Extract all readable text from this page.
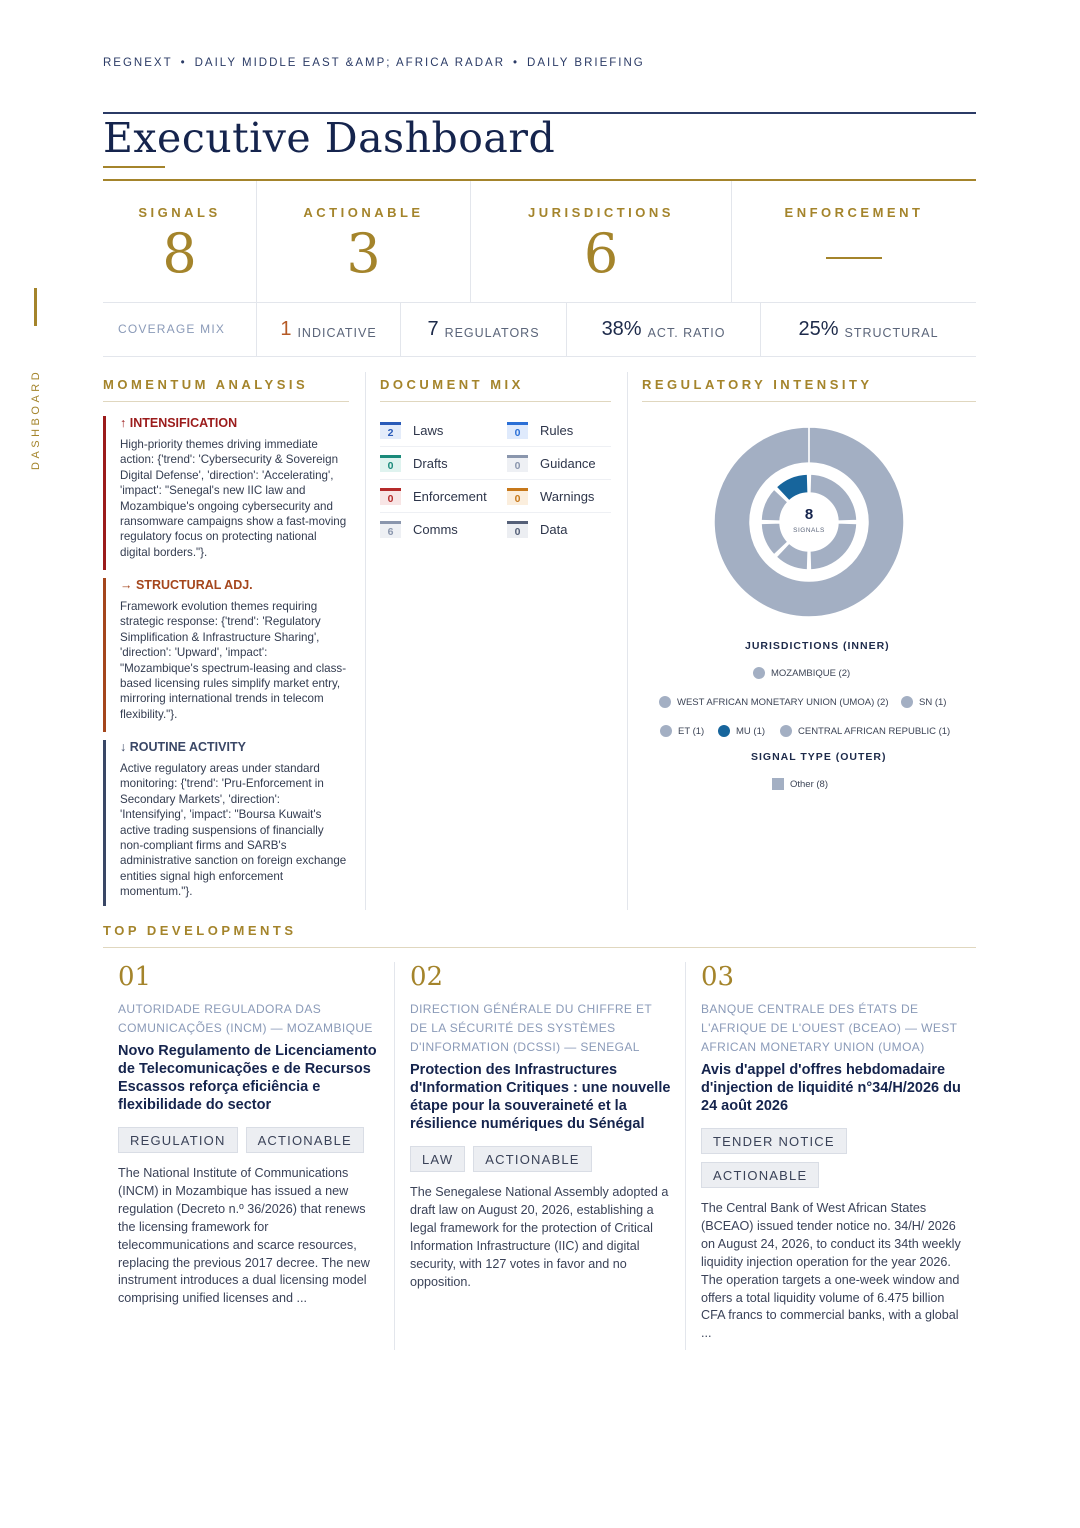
REGNEXT • DAILY MIDDLE EAST &AMP; AFRICA RADAR • DAILY BRIEFING
DASHBOARD
Executive Dashboard
SIGNALS
8
ACTIONABLE
3
JURISDICTIONS
6
ENFORCEMENT
COVERAGE MIX	1 INDICATIVE	7 REGULATORS	38% ACT. RATIO	25% STRUCTURAL
MOMENTUM ANALYSIS	DOCUMENT MIX	REGULATORY INTENSITY
↑ INTENSIFICATION
High-priority themes driving immediate action: {'trend': 'Cybersecurity & Sovereign Digital Defense', 'direction': 'Accelerating', 'impact': "Senegal's new IIC law and Mozambique's ongoing cybersecurity and ransomware campaigns show a fast-moving regulatory focus on protecting national digital borders."}.
→ STRUCTURAL ADJ.
Framework evolution themes requiring strategic response: {'trend': 'Regulatory Simplification & Infrastructure Sharing', 'direction': 'Upward', 'impact': "Mozambique's spectrum-leasing and class-based licensing rules simplify market entry, mirroring international trends in telecom flexibility."}.
↓ ROUTINE ACTIVITY
Active regulatory areas under standard monitoring: {'trend': 'Pru-Enforcement in Secondary Markets', 'direction': 'Intensifying', 'impact': "Boursa Kuwait's active trading suspensions of financially non-compliant firms and SARB's administrative sanction on foreign exchange entities signal high enforcement momentum."}.
2	Laws	0	Rules
0	Drafts	0	Guidance
0	Enforcement	0	Warnings
6	Comms	0	Data
8
SIGNALS
JURISDICTIONS (INNER)
MOZAMBIQUE (2)
WEST AFRICAN MONETARY UNION (UMOA) (2)	SN (1)
ET (1)	MU (1)	CENTRAL AFRICAN REPUBLIC (1)
SIGNAL TYPE (OUTER)
Other (8)
TOP DEVELOPMENTS
01
AUTORIDADE REGULADORA DAS COMUNICAÇÕES (INCM) — MOZAMBIQUE
Novo Regulamento de Licenciamento de Telecomunicações e de Recursos Escassos reforça eficiência e flexibilidade do sector
REGULATION	ACTIONABLE
The National Institute of Communications (INCM) in Mozambique has issued a new regulation (Decreto n.º 36/2026) that renews the licensing framework for telecommunications and scarce resources, replacing the previous 2017 decree. The new instrument introduces a dual licensing model comprising unified licenses and ...
02
DIRECTION GÉNÉRALE DU CHIFFRE ET DE LA SÉCURITÉ DES SYSTÈMES D'INFORMATION (DCSSI) — SENEGAL
Protection des Infrastructures d'Information Critiques : une nouvelle étape pour la souveraineté et la résilience numériques du Sénégal
LAW	ACTIONABLE
The Senegalese National Assembly adopted a draft law on August 20, 2026, establishing a legal framework for the protection of Critical Information Infrastructure (IIC) and digital security, with 127 votes in favor and no opposition.
03
BANQUE CENTRALE DES ÉTATS DE L'AFRIQUE DE L'OUEST (BCEAO) — WEST AFRICAN MONETARY UNION (UMOA)
Avis d'appel d'offres hebdomadaire d'injection de liquidité n°34/H/2026 du 24 août 2026
TENDER NOTICE
ACTIONABLE
The Central Bank of West African States (BCEAO) issued tender notice no. 34/H/ 2026 on August 24, 2026, to conduct its 34th weekly liquidity injection operation for the year 2026. The operation targets a one-week window and offers a total liquidity volume of 6.475 billion CFA francs to commercial banks, with a global ...
